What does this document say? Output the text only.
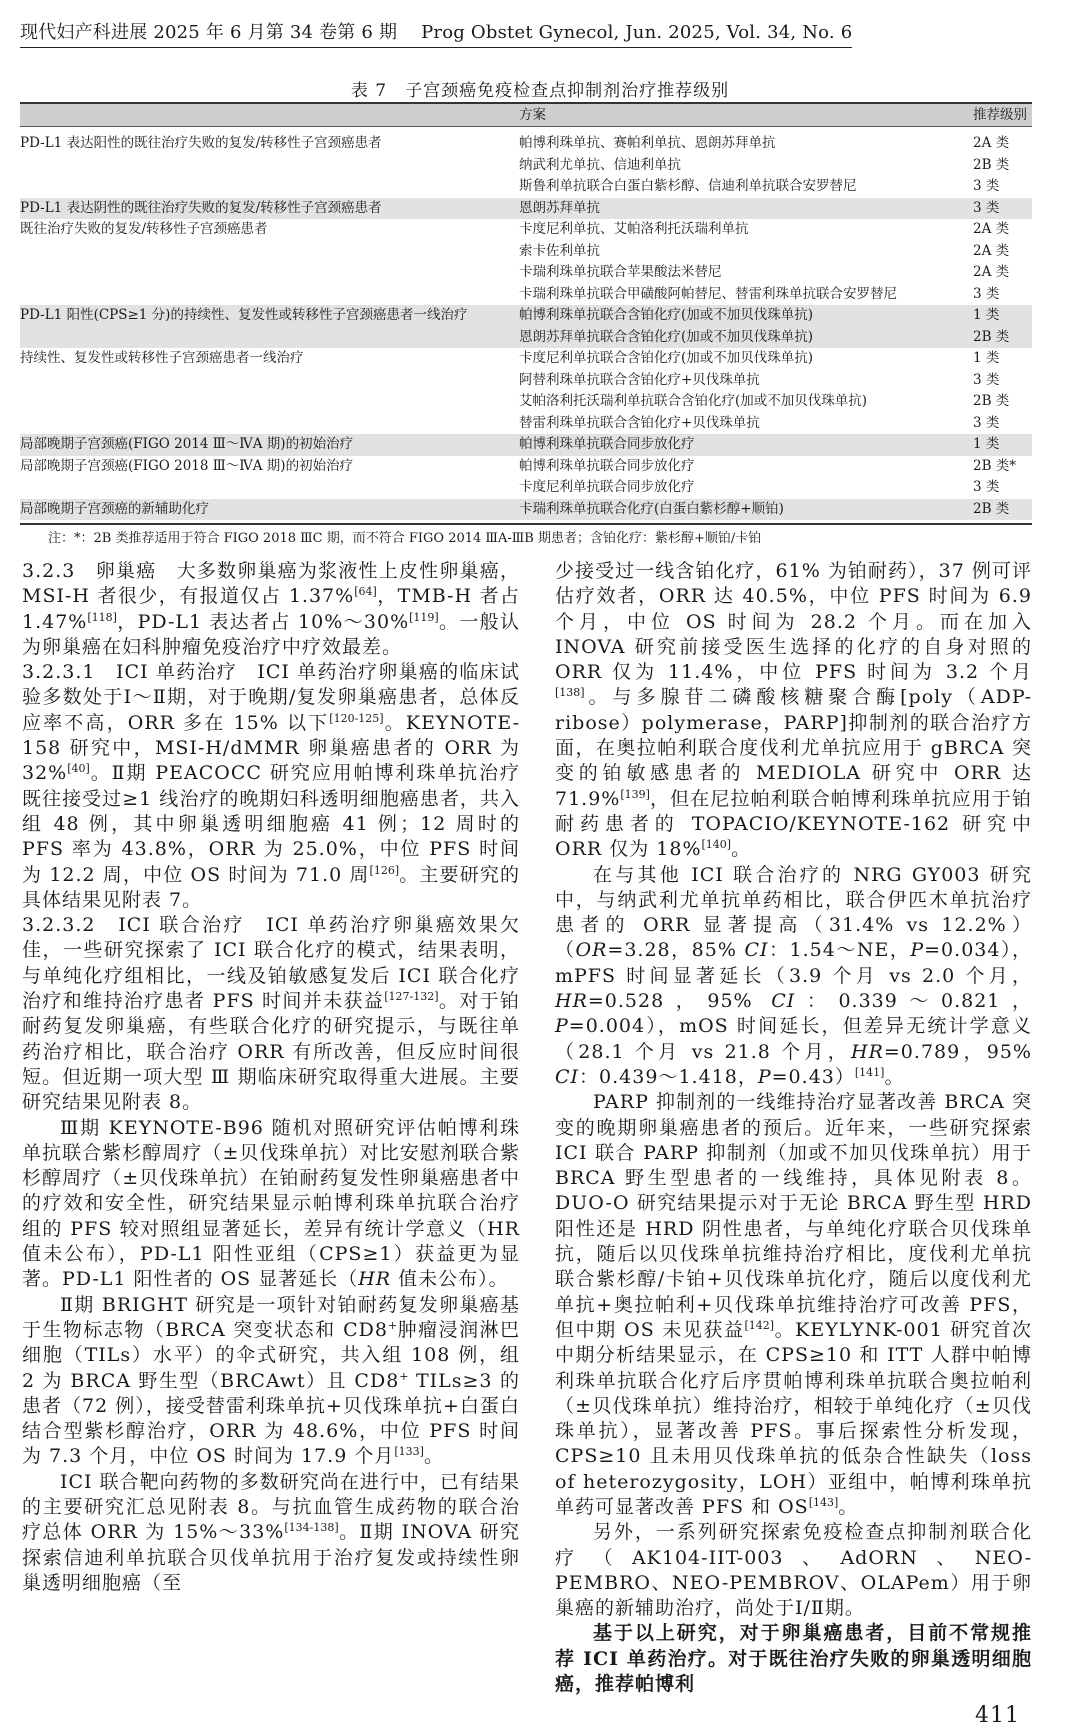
现代妇产科进展 2025 年 6 月第 34 卷第 6 期 Prog Obstet Gynecol, Jun. 2025, Vol. 34, No. 6
表 7　子宫颈癌免疫检查点抑制剂治疗推荐级别
方案	推荐级别
PD-L1 表达阳性的既往治疗失败的复发/转移性子宫颈癌患者	帕博利珠单抗、赛帕利单抗、恩朗苏拜单抗	2A 类
纳武利尤单抗、信迪利单抗	2B 类
斯鲁利单抗联合白蛋白紫杉醇、信迪利单抗联合安罗替尼	3 类
PD-L1 表达阴性的既往治疗失败的复发/转移性子宫颈癌患者	恩朗苏拜单抗	3 类
既往治疗失败的复发/转移性子宫颈癌患者	卡度尼利单抗、艾帕洛利托沃瑞利单抗	2A 类
索卡佐利单抗	2A 类
卡瑞利珠单抗联合苹果酸法米替尼	2A 类
卡瑞利珠单抗联合甲磺酸阿帕替尼、替雷利珠单抗联合安罗替尼	3 类
PD-L1 阳性(CPS≥1 分)的持续性、复发性或转移性子宫颈癌患者一线治疗	帕博利珠单抗联合含铂化疗(加或不加贝伐珠单抗)	1 类
恩朗苏拜单抗联合含铂化疗(加或不加贝伐珠单抗)	2B 类
持续性、复发性或转移性子宫颈癌患者一线治疗	卡度尼利单抗联合含铂化疗(加或不加贝伐珠单抗)	1 类
阿替利珠单抗联合含铂化疗+贝伐珠单抗	3 类
艾帕洛利托沃瑞利单抗联合含铂化疗(加或不加贝伐珠单抗)	2B 类
替雷利珠单抗联合含铂化疗+贝伐珠单抗	3 类
局部晚期子宫颈癌(FIGO 2014 Ⅲ～ⅣA 期)的初始治疗	帕博利珠单抗联合同步放化疗	1 类
局部晚期子宫颈癌(FIGO 2018 Ⅲ～ⅣA 期)的初始治疗	帕博利珠单抗联合同步放化疗	2B 类*
卡度尼利单抗联合同步放化疗	3 类
局部晚期子宫颈癌的新辅助化疗	卡瑞利珠单抗联合化疗(白蛋白紫杉醇+顺铂)	2B 类
注：*：2B 类推荐适用于符合 FIGO 2018 ⅢC 期，而不符合 FIGO 2014 ⅢA-ⅢB 期患者；含铂化疗：紫杉醇+顺铂/卡铂

3.2.3　卵巢癌　大多数卵巢癌为浆液性上皮性卵巢癌，MSI-H 者很少，有报道仅占 1.37%[64]，TMB-H 者占 1.47%[118]，PD-L1 表达者占 10%～30%[119]。一般认为卵巢癌在妇科肿瘤免疫治疗中疗效最差。

3.2.3.1　ICI 单药治疗　ICI 单药治疗卵巢癌的临床试验多数处于Ⅰ～Ⅱ期，对于晚期/复发卵巢癌患者，总体反应率不高，ORR 多在 15% 以下[120-125]。KEYNOTE-158 研究中，MSI-H/dMMR 卵巢癌患者的 ORR 为 32%[40]。Ⅱ期 PEACOCC 研究应用帕博利珠单抗治疗既往接受过≥1 线治疗的晚期妇科透明细胞癌患者，共入组 48 例，其中卵巢透明细胞癌 41 例；12 周时的 PFS 率为 43.8%，ORR 为 25.0%，中位 PFS 时间为 12.2 周，中位 OS 时间为 71.0 周[126]。主要研究的具体结果见附表 7。

3.2.3.2　ICI 联合治疗　ICI 单药治疗卵巢癌效果欠佳，一些研究探索了 ICI 联合化疗的模式，结果表明，与单纯化疗组相比，一线及铂敏感复发后 ICI 联合化疗治疗和维持治疗患者 PFS 时间并未获益[127-132]。对于铂耐药复发卵巢癌，有些联合化疗的研究提示，与既往单药治疗相比，联合治疗 ORR 有所改善，但反应时间很短。但近期一项大型 Ⅲ 期临床研究取得重大进展。主要研究结果见附表 8。

Ⅲ期 KEYNOTE-B96 随机对照研究评估帕博利珠单抗联合紫杉醇周疗（±贝伐珠单抗）对比安慰剂联合紫杉醇周疗（±贝伐珠单抗）在铂耐药复发性卵巢癌患者中的疗效和安全性，研究结果显示帕博利珠单抗联合治疗组的 PFS 较对照组显著延长，差异有统计学意义（HR 值未公布），PD-L1 阳性亚组（CPS≥1）获益更为显著。PD-L1 阳性者的 OS 显著延长（HR 值未公布）。

Ⅱ期 BRIGHT 研究是一项针对铂耐药复发卵巢癌基于生物标志物（BRCA 突变状态和 CD8+肿瘤浸润淋巴细胞（TILs）水平）的伞式研究，共入组 108 例，组 2 为 BRCA 野生型（BRCAwt）且 CD8+ TILs≥3 的患者（72 例），接受替雷利珠单抗+贝伐珠单抗+白蛋白结合型紫杉醇治疗，ORR 为 48.6%，中位 PFS 时间为 7.3 个月，中位 OS 时间为 17.9 个月[133]。

ICI 联合靶向药物的多数研究尚在进行中，已有结果的主要研究汇总见附表 8。与抗血管生成药物的联合治疗总体 ORR 为 15%～33%[134-138]。Ⅱ期 INOVA 研究探索信迪利单抗联合贝伐单抗用于治疗复发或持续性卵巢透明细胞癌（至

少接受过一线含铂化疗，61% 为铂耐药），37 例可评估疗效者，ORR 达 40.5%，中位 PFS 时间为 6.9 个月，中位 OS 时间为 28.2 个月。而在加入 INOVA 研究前接受医生选择的化疗的自身对照的 ORR 仅为 11.4%，中位 PFS 时间为 3.2 个月[138]。与多腺苷二磷酸核糖聚合酶[poly（ADP-ribose）polymerase，PARP]抑制剂的联合治疗方面，在奥拉帕利联合度伐利尤单抗应用于 gBRCA 突变的铂敏感患者的 MEDIOLA 研究中 ORR 达 71.9%[139]，但在尼拉帕利联合帕博利珠单抗应用于铂耐药患者的 TOPACIO/KEYNOTE-162 研究中 ORR 仅为 18%[140]。

在与其他 ICI 联合治疗的 NRG GY003 研究中，与纳武利尤单抗单药相比，联合伊匹木单抗治疗患者的 ORR 显著提高（31.4% vs 12.2%）（OR=3.28，85% CI：1.54～NE，P=0.034），mPFS 时间显著延长（3.9 个月 vs 2.0 个月，HR=0.528，95% CI：0.339～0.821，P=0.004），mOS 时间延长，但差异无统计学意义（28.1 个月 vs 21.8 个月，HR=0.789，95% CI：0.439～1.418，P=0.43）[141]。

PARP 抑制剂的一线维持治疗显著改善 BRCA 突变的晚期卵巢癌患者的预后。近年来，一些研究探索 ICI 联合 PARP 抑制剂（加或不加贝伐珠单抗）用于 BRCA 野生型患者的一线维持，具体见附表 8。DUO-O 研究结果提示对于无论 BRCA 野生型 HRD 阳性还是 HRD 阴性患者，与单纯化疗联合贝伐珠单抗，随后以贝伐珠单抗维持治疗相比，度伐利尤单抗联合紫杉醇/卡铂+贝伐珠单抗化疗，随后以度伐利尤单抗+奥拉帕利+贝伐珠单抗维持治疗可改善 PFS，但中期 OS 未见获益[142]。KEYLYNK-001 研究首次中期分析结果显示，在 CPS≥10 和 ITT 人群中帕博利珠单抗联合化疗后序贯帕博利珠单抗联合奥拉帕利（±贝伐珠单抗）维持治疗，相较于单纯化疗（±贝伐珠单抗），显著改善 PFS。事后探索性分析发现，CPS≥10 且未用贝伐珠单抗的低杂合性缺失（loss of heterozygosity，LOH）亚组中，帕博利珠单抗单药可显著改善 PFS 和 OS[143]。

另外，一系列研究探索免疫检查点抑制剂联合化疗（AK104-IIT-003、AdORN、NEO-PEMBRO、NEO-PEMBROV、OLAPem）用于卵巢癌的新辅助治疗，尚处于Ⅰ/Ⅱ期。

基于以上研究，对于卵巢癌患者，目前不常规推荐 ICI 单药治疗。对于既往治疗失败的卵巢透明细胞癌，推荐帕博利

411
